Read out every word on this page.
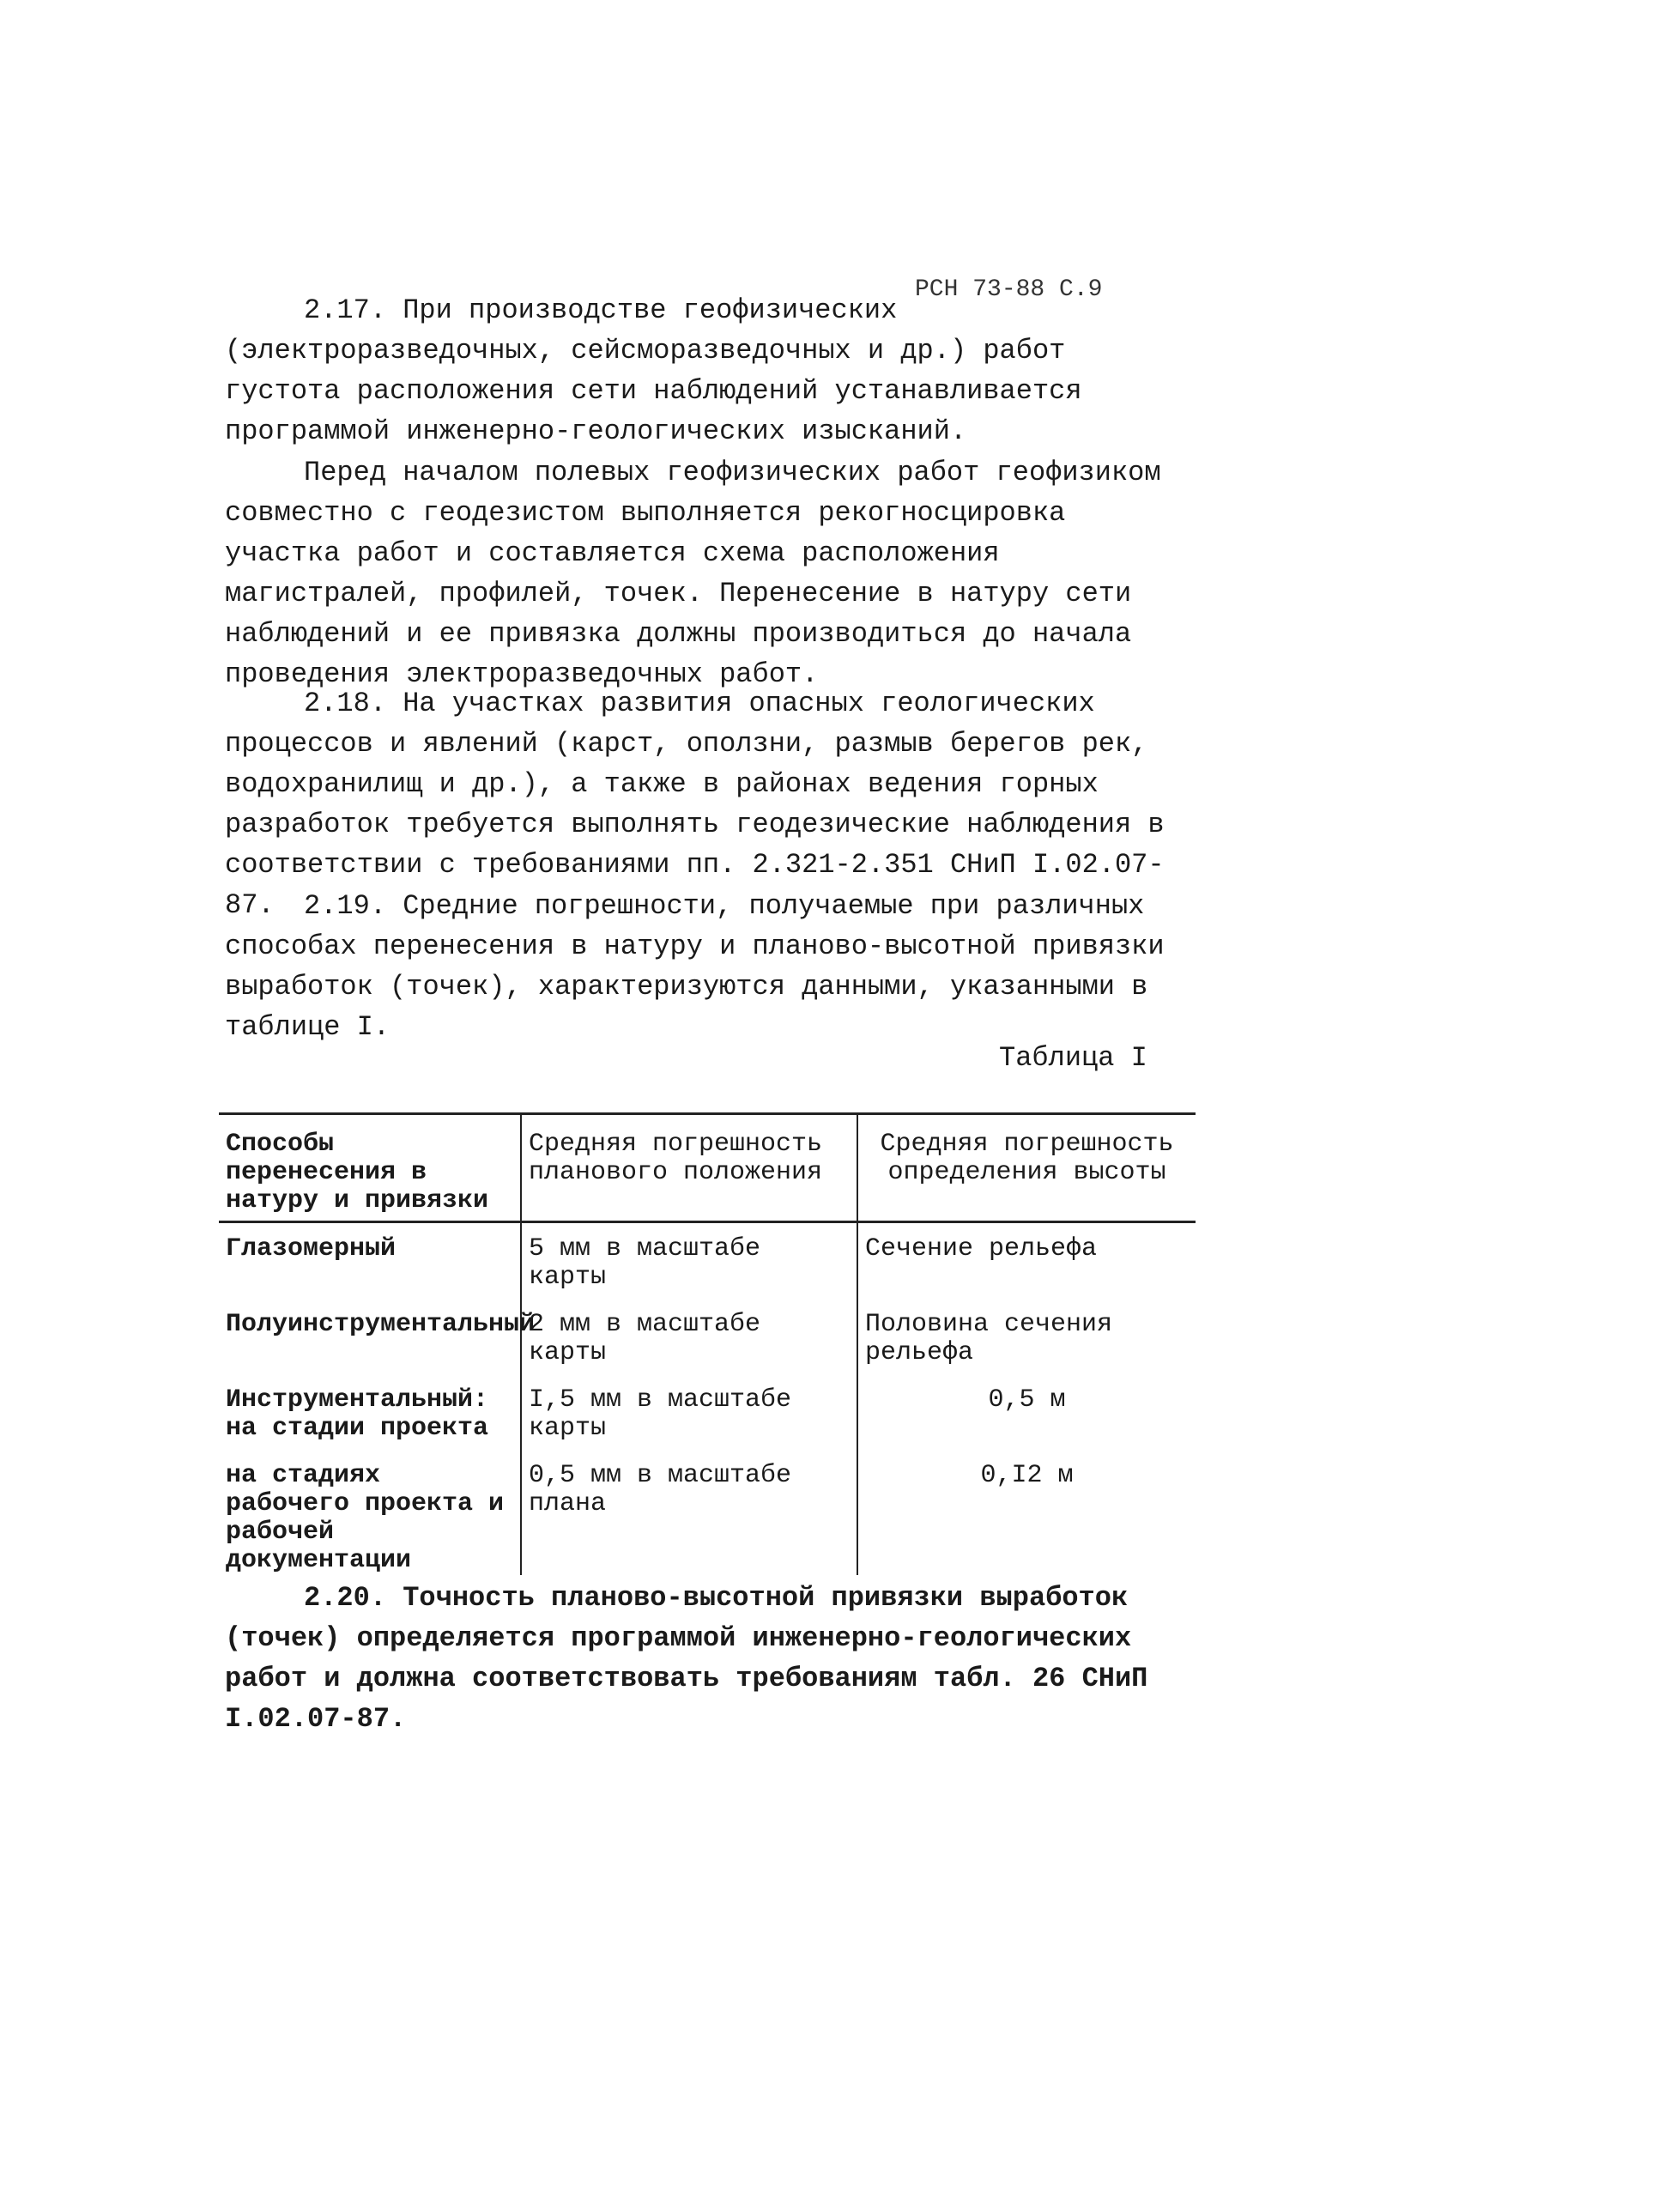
РСН 73-88 С.9

2.17. При производстве геофизических (электроразведочных, сейсморазведочных и др.) работ густота расположения сети наблюдений устанавливается программой инженерно-геологических изысканий.

Перед началом полевых геофизических работ геофизиком совместно с геодезистом выполняется рекогносцировка участка работ и составляется схема расположения магистралей, профилей, точек. Перенесение в натуру сети наблюдений и ее привязка должны производиться до начала проведения электроразведочных работ.

2.18. На участках развития опасных геологических процессов и явлений (карст, оползни, размыв берегов рек, водохранилищ и др.), а также в районах ведения горных разработок требуется выполнять геодезические наблюдения в соответствии с требованиями пп. 2.321-2.351 СНиП I.02.07-87.	2.19. Средние погрешности, получаемые при различных способах перенесения в натуру и планово-высотной привязки выработок (точек), характеризуются данными, указанными в таблице I.

Таблица I
Способы перенесения в натуру и привязки	Средняя погрешность планового положения	Средняя погрешность определения высоты
Глазомерный	5 мм в масштабе карты	Сечение рельефа
Полуинструментальный	2 мм в масштабе карты	Половина сечения рельефа
Инструментальный: на стадии проекта	I,5 мм в масштабе карты	0,5 м
на стадиях рабочего проекта и рабочей документации	0,5 мм в масштабе плана	0,I2 м

2.20. Точность планово-высотной привязки выработок (точек) определяется программой инженерно-геологических работ и должна соответствовать требованиям табл. 26 СНиП I.02.07-87.
